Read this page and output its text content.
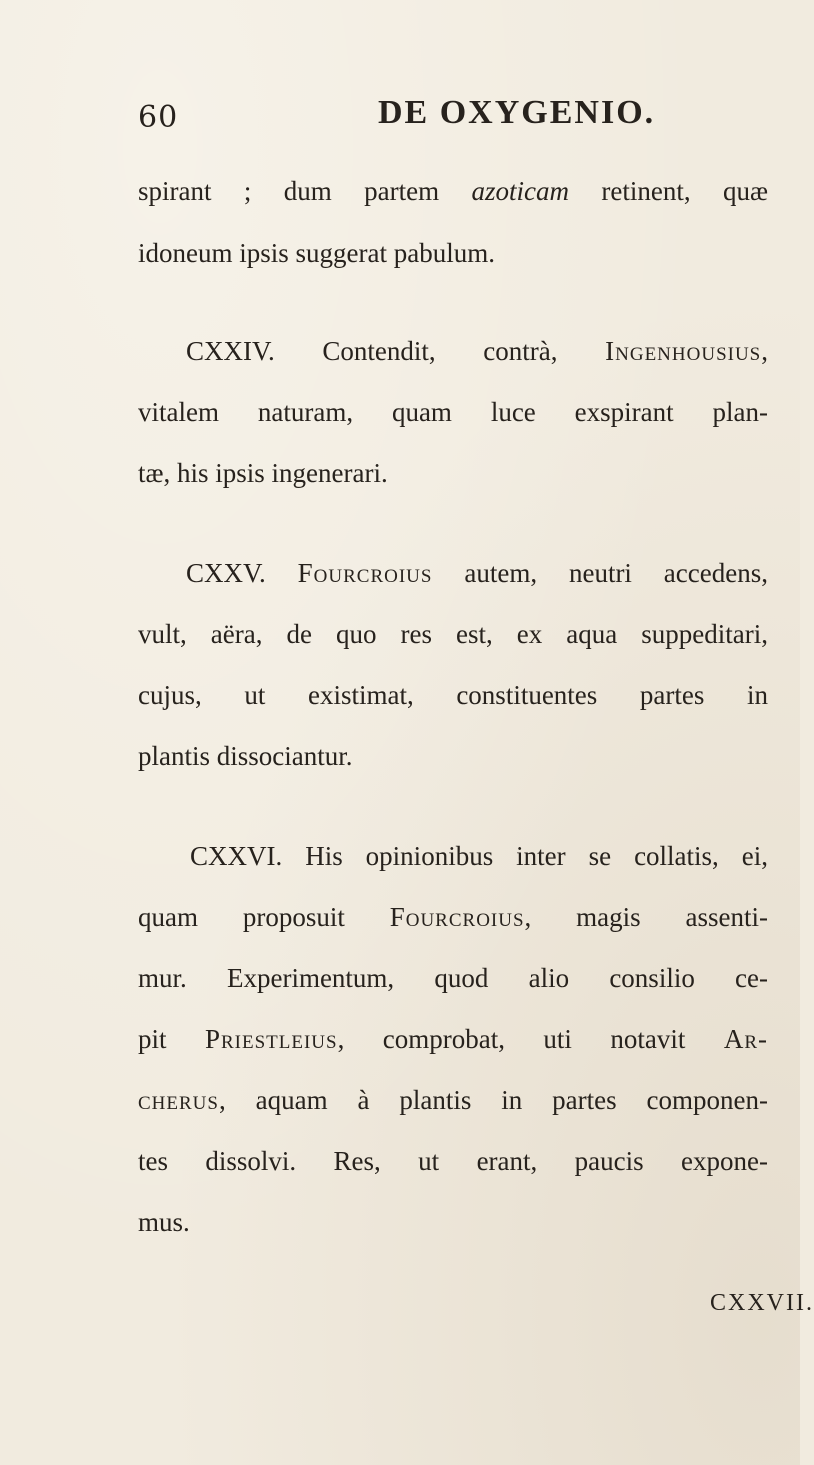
60	DE OXYGENIO.
spirant ; dum partem azoticam retinent, quæ
idoneum ipsis suggerat pabulum.
CXXIV. Contendit, contrà, Ingenhousius,
vitalem naturam, quam luce exspirant plan-
tæ, his ipsis ingenerari.
CXXV. Fourcroius autem, neutri accedens,
vult, aëra, de quo res est, ex aqua suppeditari,
cujus, ut existimat, constituentes partes in
plantis dissociantur.
CXXVI. His opinionibus inter se collatis, ei,
quam proposuit Fourcroius, magis assenti-
mur. Experimentum, quod alio consilio ce-
pit Priestleius, comprobat, uti notavit Ar-
cherus, aquam à plantis in partes componen-
tes dissolvi. Res, ut erant, paucis expone-
mus.
CXXVII.
